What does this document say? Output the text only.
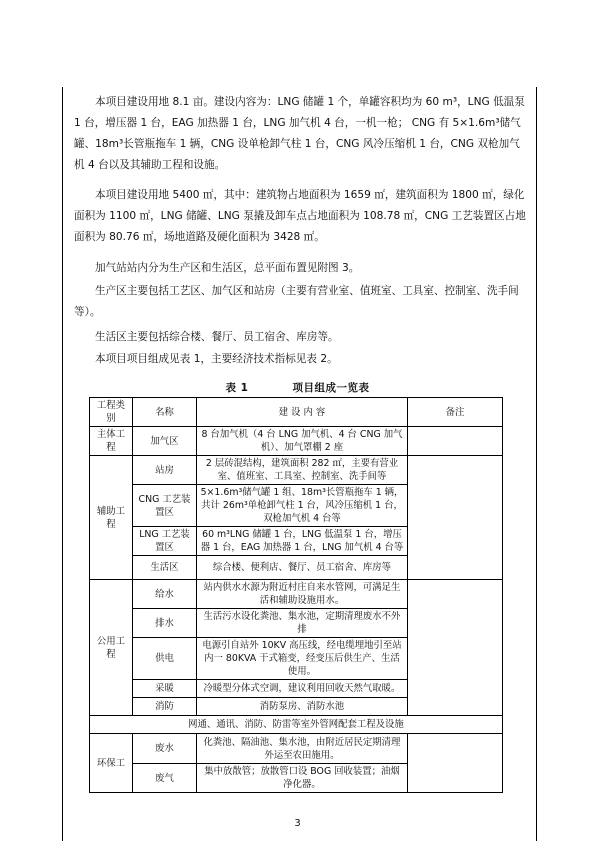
本项目建设用地 8.1 亩。建设内容为：LNG 储罐 1 个，单罐容积均为 60 m³，LNG 低温泵 1 台，增压器 1 台，EAG 加热器 1 台，LNG 加气机 4 台，一机一枪； CNG 有 5×1.6m³储气罐、18m³长管瓶拖车 1 辆，CNG 设单枪卸气柱 1 台，CNG 风冷压缩机 1 台，CNG 双枪加气机 4 台以及其辅助工程和设施。

本项目建设用地 5400 ㎡，其中：建筑物占地面积为 1659 ㎡，建筑面积为 1800 ㎡，绿化面积为 1100 ㎡，LNG 储罐、LNG 泵撬及卸车点占地面积为 108.78 ㎡，CNG 工艺装置区占地面积为 80.76 ㎡，场地道路及硬化面积为 3428 ㎡。

加气站站内分为生产区和生活区，总平面布置见附图 3。

生产区主要包括工艺区、加气区和站房（主要有营业室、值班室、工具室、控制室、洗手间等）。

生活区主要包括综合楼、餐厅、员工宿舍、库房等。

本项目项目组成见表 1，主要经济技术指标见表 2。

表 1　　　　项目组成一览表
工程类别	名称	建 设 内 容	备注
主体工程	加气区	8 台加气机（4 台 LNG 加气机、4 台 CNG 加气机）、加气罩棚 2 座	
辅助工程	站房	2 层砖混结构，建筑面积 282 ㎡，主要有营业室、值班室、工具室、控制室、洗手间等	
	CNG 工艺装置区	5×1.6m³储气罐 1 组、18m³长管瓶拖车 1 辆，共计 26m³单枪卸气柱 1 台，风冷压缩机 1 台，双枪加气机 4 台等	
	LNG 工艺装置区	60 m³LNG 储罐 1 台，LNG 低温泵 1 台，增压器 1 台，EAG 加热器 1 台，LNG 加气机 4 台等	
	生活区	综合楼、便利店、餐厅、员工宿舍、库房等	
公用工程	给水	站内供水水源为附近村庄自来水管网，可满足生活和辅助设施用水。	
	排水	生活污水设化粪池、集水池，定期清理废水不外排	
	供电	电源引自站外 10KV 高压线，经电缆埋地引至站内一 80KVA 干式箱变，经变压后供生产、生活使用。	
	采暖	冷暖型分体式空调，建议利用回收天然气取暖。	
	消防	消防泵房、消防水池	
网通、通讯、消防、防雷等室外管网配套工程及设施			
环保工	废水	化粪池、隔油池、集水池，由附近居民定期清理外运至农田施用。	
	废气	集中放散管；放散管口设 BOG 回收装置；油烟净化器。	
3
